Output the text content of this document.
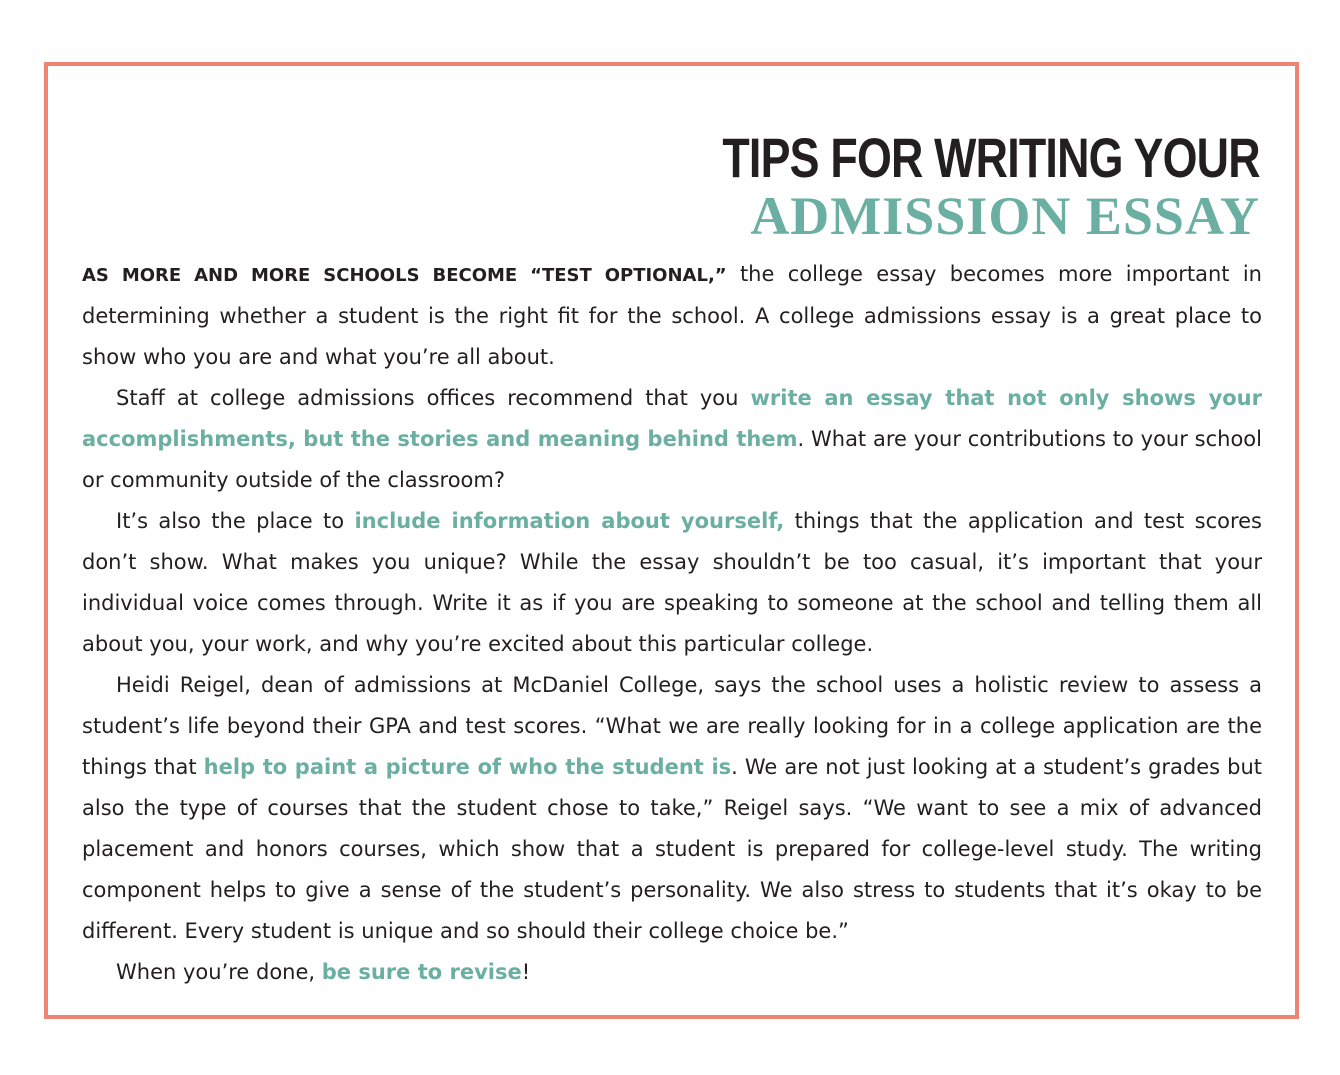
TIPS FOR WRITING YOUR
ADMISSION ESSAY

AS MORE AND MORE SCHOOLS BECOME “TEST OPTIONAL,” the college essay becomes more important in determining whether a student is the right fit for the school. A college admissions essay is a great place to show who you are and what you’re all about.

Staff at college admissions offices recommend that you write an essay that not only shows your accomplishments, but the stories and meaning behind them. What are your contributions to your school or community outside of the classroom?

It’s also the place to include information about yourself, things that the application and test scores don’t show. What makes you unique? While the essay shouldn’t be too casual, it’s important that your individual voice comes through. Write it as if you are speaking to someone at the school and telling them all about you, your work, and why you’re excited about this particular college.

Heidi Reigel, dean of admissions at McDaniel College, says the school uses a holistic review to assess a student’s life beyond their GPA and test scores. “What we are really looking for in a college application are the things that help to paint a picture of who the student is. We are not just looking at a student’s grades but also the type of courses that the student chose to take,” Reigel says. “We want to see a mix of advanced placement and honors courses, which show that a student is prepared for college-level study. The writing component helps to give a sense of the student’s personality. We also stress to students that it’s okay to be different. Every student is unique and so should their college choice be.”

When you’re done, be sure to revise!
